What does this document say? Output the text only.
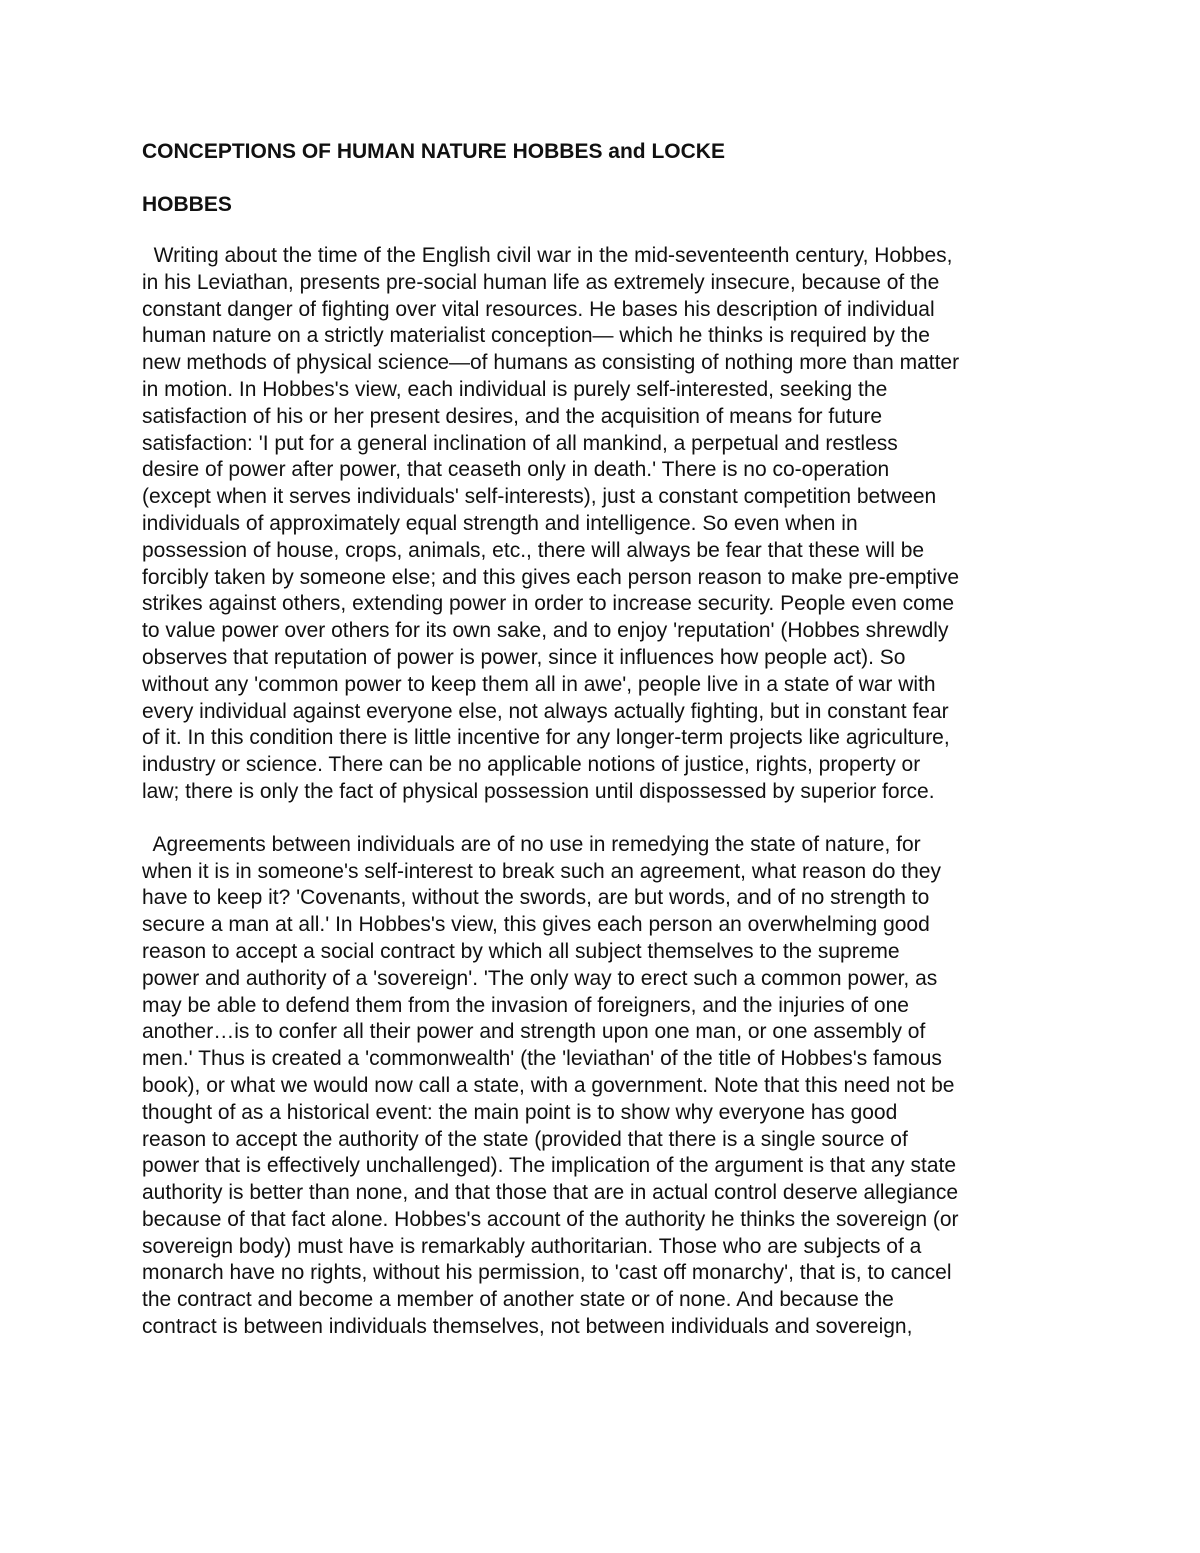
CONCEPTIONS OF HUMAN NATURE HOBBES and LOCKE
HOBBES
Writing about the time of the English civil war in the mid-seventeenth century, Hobbes,
in his Leviathan, presents pre-social human life as extremely insecure, because of the
constant danger of fighting over vital resources. He bases his description of individual
human nature on a strictly materialist conception— which he thinks is required by the
new methods of physical science—of humans as consisting of nothing more than matter
in motion. In Hobbes's view, each individual is purely self-interested, seeking the
satisfaction of his or her present desires, and the acquisition of means for future
satisfaction: 'I put for a general inclination of all mankind, a perpetual and restless
desire of power after power, that ceaseth only in death.' There is no co-operation
(except when it serves individuals' self-interests), just a constant competition between
individuals of approximately equal strength and intelligence. So even when in
possession of house, crops, animals, etc., there will always be fear that these will be
forcibly taken by someone else; and this gives each person reason to make pre-emptive
strikes against others, extending power in order to increase security. People even come
to value power over others for its own sake, and to enjoy 'reputation' (Hobbes shrewdly
observes that reputation of power is power, since it influences how people act). So
without any 'common power to keep them all in awe', people live in a state of war with
every individual against everyone else, not always actually fighting, but in constant fear
of it. In this condition there is little incentive for any longer-term projects like agriculture,
industry or science. There can be no applicable notions of justice, rights, property or
law; there is only the fact of physical possession until dispossessed by superior force.
Agreements between individuals are of no use in remedying the state of nature, for
when it is in someone's self-interest to break such an agreement, what reason do they
have to keep it? 'Covenants, without the swords, are but words, and of no strength to
secure a man at all.' In Hobbes's view, this gives each person an overwhelming good
reason to accept a social contract by which all subject themselves to the supreme
power and authority of a 'sovereign'. 'The only way to erect such a common power, as
may be able to defend them from the invasion of foreigners, and the injuries of one
another…is to confer all their power and strength upon one man, or one assembly of
men.' Thus is created a 'commonwealth' (the 'leviathan' of the title of Hobbes's famous
book), or what we would now call a state, with a government. Note that this need not be
thought of as a historical event: the main point is to show why everyone has good
reason to accept the authority of the state (provided that there is a single source of
power that is effectively unchallenged). The implication of the argument is that any state
authority is better than none, and that those that are in actual control deserve allegiance
because of that fact alone. Hobbes's account of the authority he thinks the sovereign (or
sovereign body) must have is remarkably authoritarian. Those who are subjects of a
monarch have no rights, without his permission, to 'cast off monarchy', that is, to cancel
the contract and become a member of another state or of none. And because the
contract is between individuals themselves, not between individuals and sovereign,
